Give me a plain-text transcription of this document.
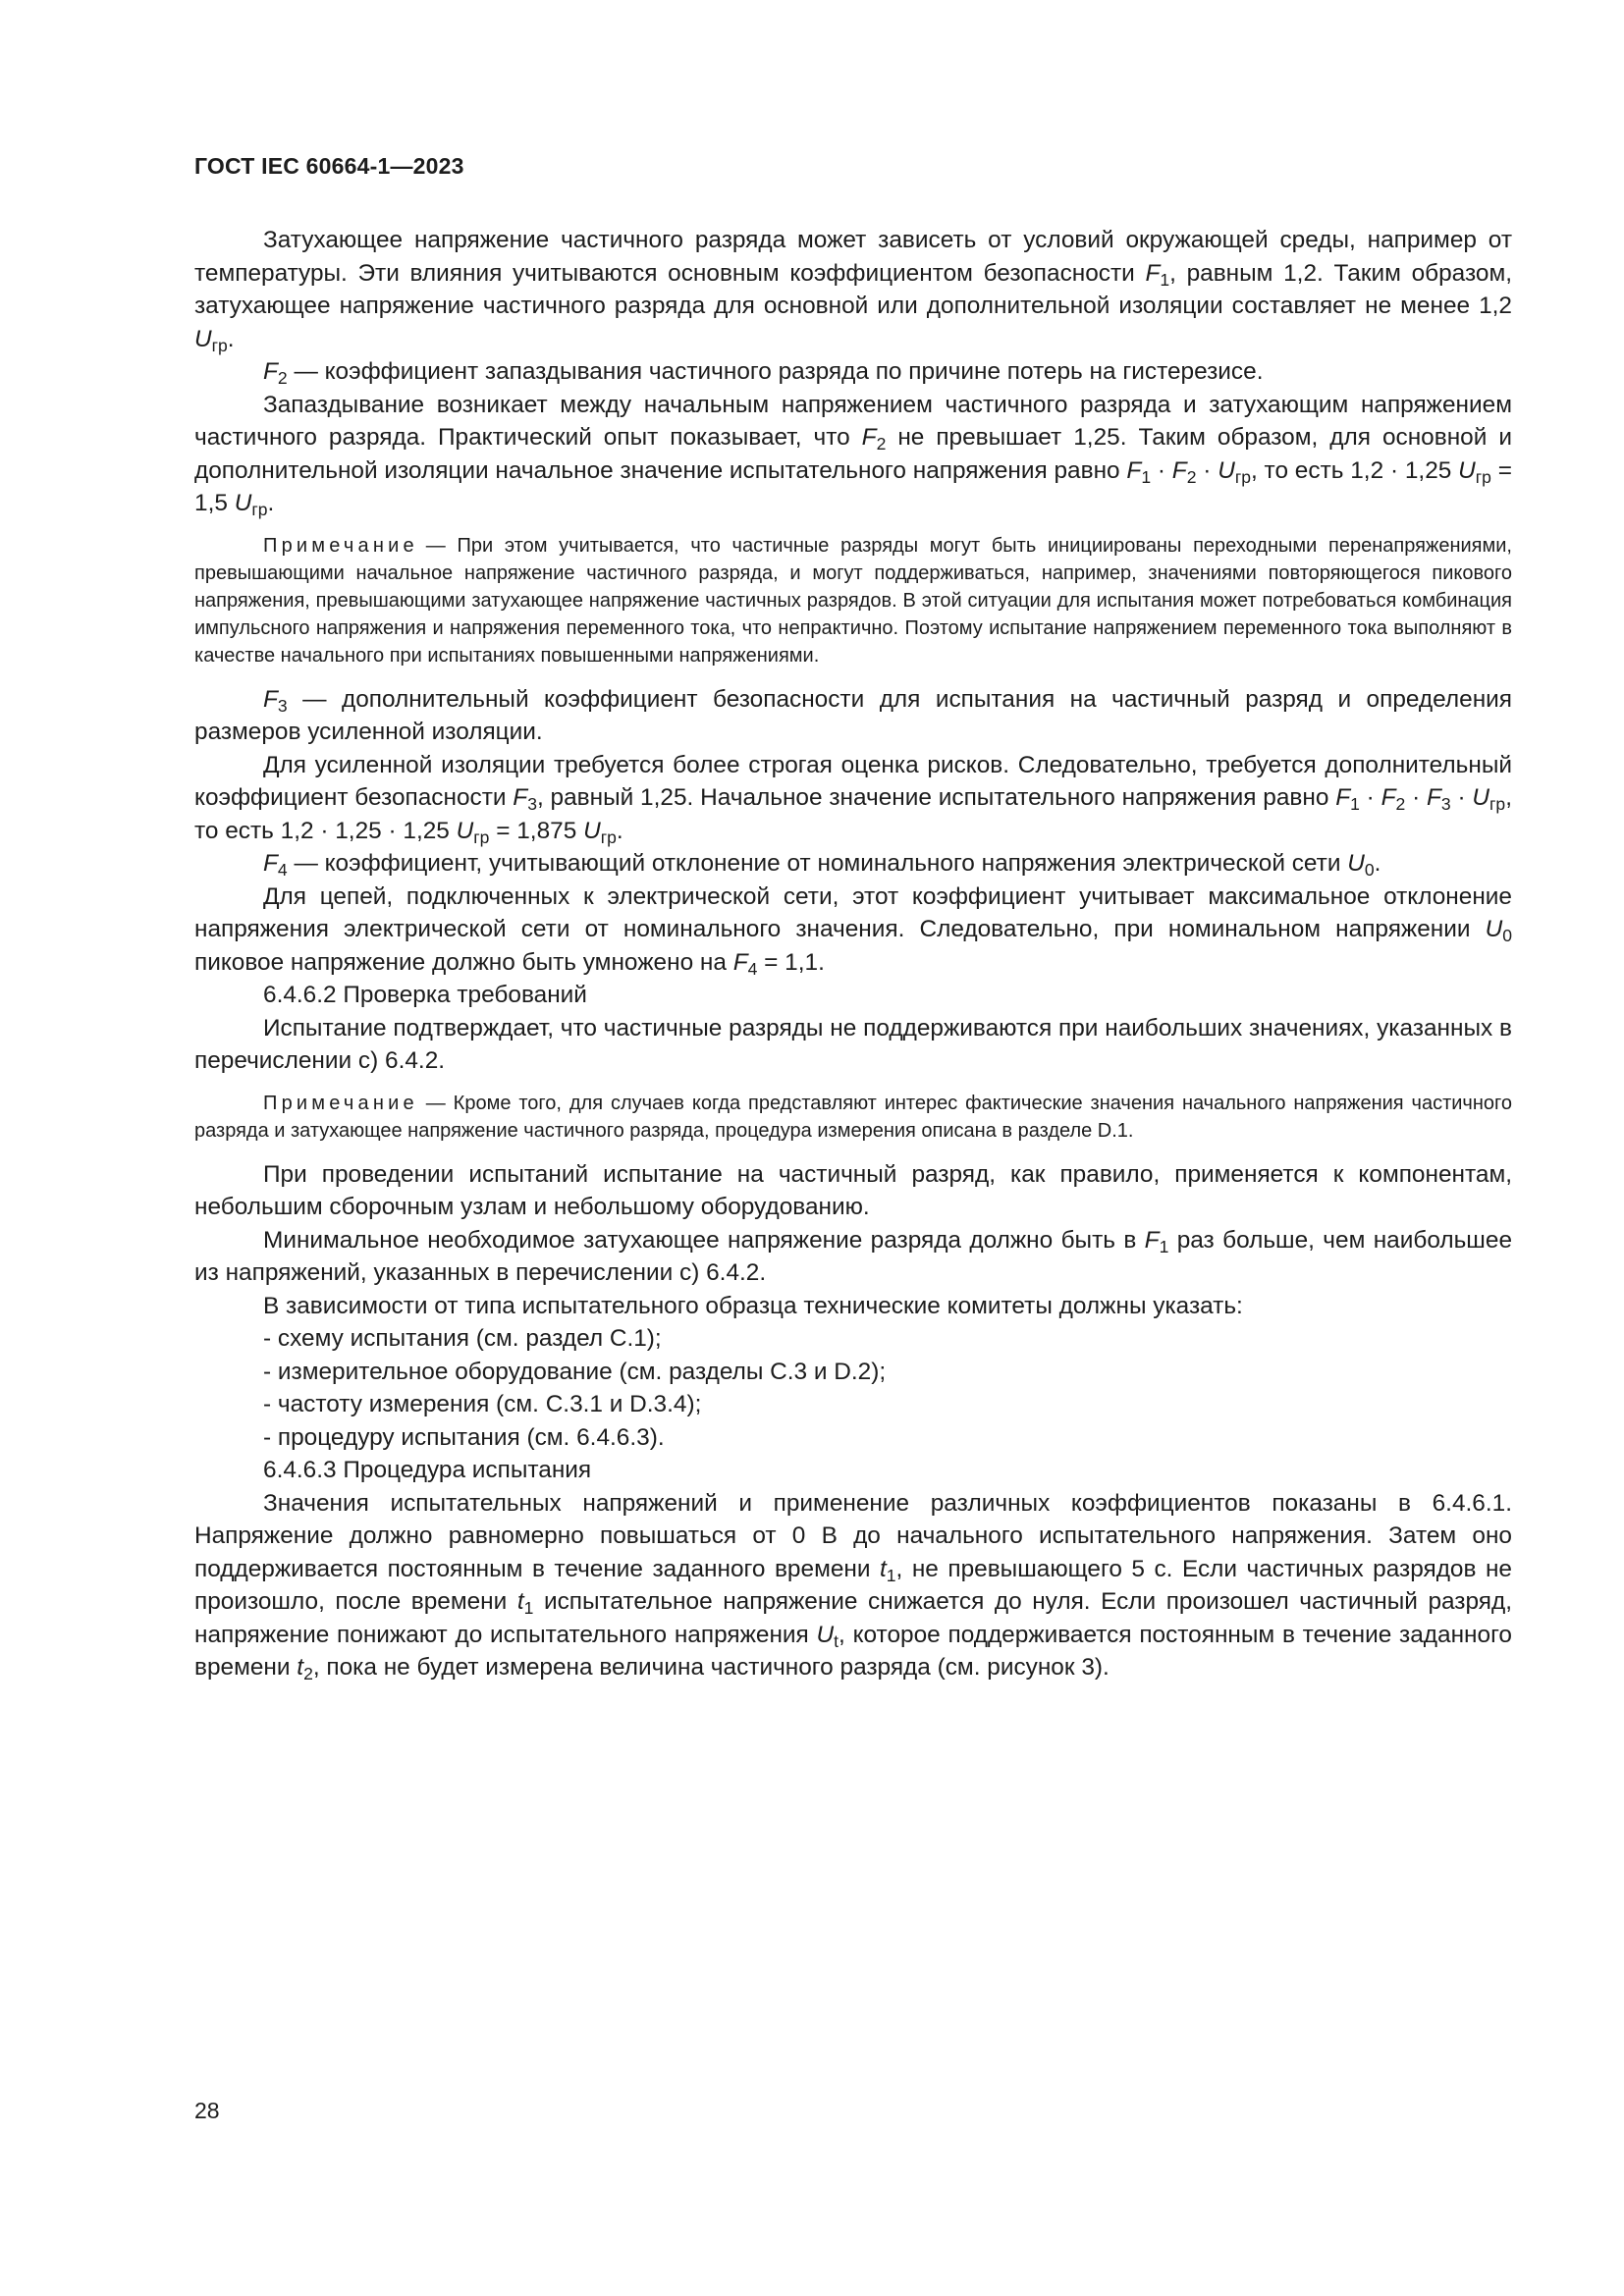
ГОСТ IEC 60664-1—2023

Затухающее напряжение частичного разряда может зависеть от условий окружающей среды, например от температуры. Эти влияния учитываются основным коэффициентом безопасности $F_1$, равным 1,2. Таким образом, затухающее напряжение частичного разряда для основной или дополнительной изоляции составляет не менее 1,2 $U_{гр}$.

$F_2$ — коэффициент запаздывания частичного разряда по причине потерь на гистерезисе.

Запаздывание возникает между начальным напряжением частичного разряда и затухающим напряжением частичного разряда. Практический опыт показывает, что $F_2$ не превышает 1,25. Таким образом, для основной и дополнительной изоляции начальное значение испытательного напряжения равно $F_1 \cdot F_2 \cdot U_{гр}$, то есть 1,2 · 1,25 $U_{гр} = 1,5$ $U_{гр}$.

Примечание — При этом учитывается, что частичные разряды могут быть инициированы переходными перенапряжениями, превышающими начальное напряжение частичного разряда, и могут поддерживаться, например, значениями повторяющегося пикового напряжения, превышающими затухающее напряжение частичных разрядов. В этой ситуации для испытания может потребоваться комбинация импульсного напряжения и напряжения переменного тока, что непрактично. Поэтому испытание напряжением переменного тока выполняют в качестве начального при испытаниях повышенными напряжениями.

$F_3$ — дополнительный коэффициент безопасности для испытания на частичный разряд и определения размеров усиленной изоляции.

Для усиленной изоляции требуется более строгая оценка рисков. Следовательно, требуется дополнительный коэффициент безопасности $F_3$, равный 1,25. Начальное значение испытательного напряжения равно $F_1 \cdot F_2 \cdot F_3 \cdot U_{гр}$, то есть 1,2 · 1,25 · 1,25 $U_{гр} = 1,875$ $U_{гр}$.

$F_4$ — коэффициент, учитывающий отклонение от номинального напряжения электрической сети $U_0$.

Для цепей, подключенных к электрической сети, этот коэффициент учитывает максимальное отклонение напряжения электрической сети от номинального значения. Следовательно, при номинальном напряжении $U_0$ пиковое напряжение должно быть умножено на $F_4 = 1,1$.

6.4.6.2 Проверка требований

Испытание подтверждает, что частичные разряды не поддерживаются при наибольших значениях, указанных в перечислении с) 6.4.2.

Примечание — Кроме того, для случаев когда представляют интерес фактические значения начального напряжения частичного разряда и затухающее напряжение частичного разряда, процедура измерения описана в разделе D.1.

При проведении испытаний испытание на частичный разряд, как правило, применяется к компонентам, небольшим сборочным узлам и небольшому оборудованию.

Минимальное необходимое затухающее напряжение разряда должно быть в $F_1$ раз больше, чем наибольшее из напряжений, указанных в перечислении с) 6.4.2.

В зависимости от типа испытательного образца технические комитеты должны указать:

- схему испытания (см. раздел С.1);

- измерительное оборудование (см. разделы С.3 и D.2);

- частоту измерения (см. С.3.1 и D.3.4);

- процедуру испытания (см. 6.4.6.3).

6.4.6.3 Процедура испытания

Значения испытательных напряжений и применение различных коэффициентов показаны в 6.4.6.1. Напряжение должно равномерно повышаться от 0 В до начального испытательного напряжения. Затем оно поддерживается постоянным в течение заданного времени $t_1$, не превышающего 5 с. Если частичных разрядов не произошло, после времени $t_1$ испытательное напряжение снижается до нуля. Если произошел частичный разряд, напряжение понижают до испытательного напряжения $U_t$, которое поддерживается постоянным в течение заданного времени $t_2$, пока не будет измерена величина частичного разряда (см. рисунок 3).

28
